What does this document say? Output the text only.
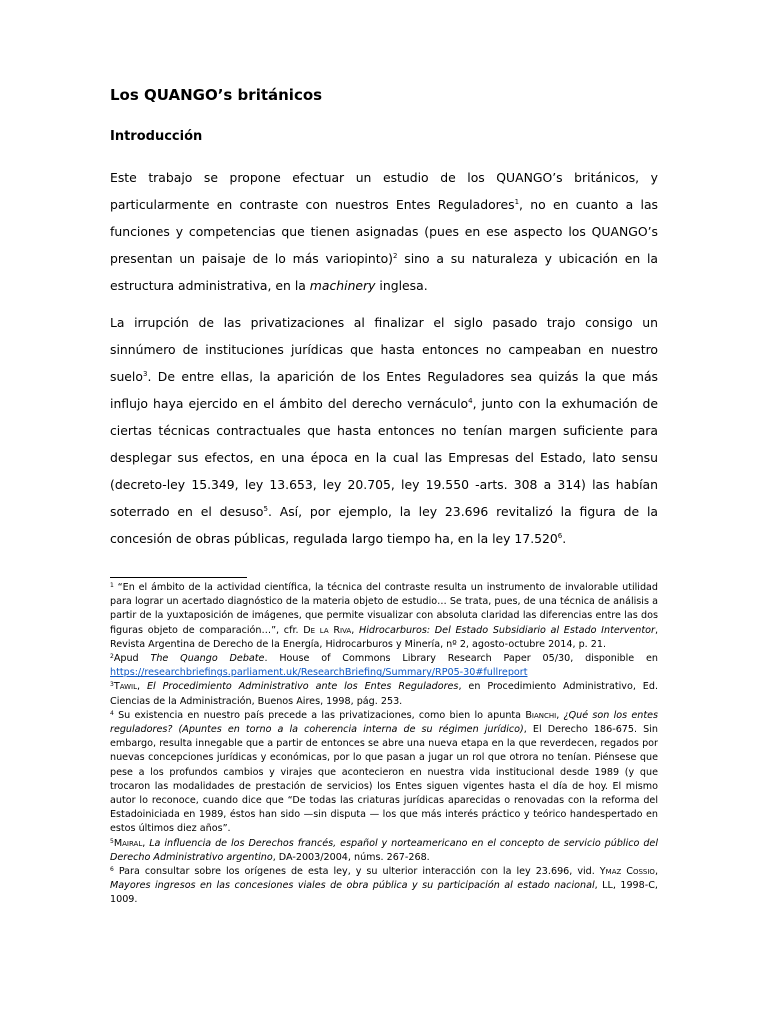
Los QUANGO’s británicos
Introducción
Este trabajo se propone efectuar un estudio de los QUANGO’s británicos, y particularmente en contraste con nuestros Entes Reguladores$^1$, no en cuanto a las funciones y competencias que tienen asignadas (pues en ese aspecto los QUANGO’s presentan un paisaje de lo más variopinto)$^2$ sino a su naturaleza y ubicación en la estructura administrativa, en la machinery inglesa.
La irrupción de las privatizaciones al finalizar el siglo pasado trajo consigo un sinnúmero de instituciones jurídicas que hasta entonces no campeaban en nuestro suelo$^3$. De entre ellas, la aparición de los Entes Reguladores sea quizás la que más influjo haya ejercido en el ámbito del derecho vernáculo$^4$, junto con la exhumación de ciertas técnicas contractuales que hasta entonces no tenían margen suficiente para desplegar sus efectos, en una época en la cual las Empresas del Estado, lato sensu (decreto-ley 15.349, ley 13.653, ley 20.705, ley 19.550 -arts. 308 a 314) las habían soterrado en el desuso$^5$. Así, por ejemplo, la ley 23.696 revitalizó la figura de la concesión de obras públicas, regulada largo tiempo ha, en la ley 17.520$^6$.

$^1$ “En el ámbito de la actividad científica, la técnica del contraste resulta un instrumento de invalorable utilidad para lograr un acertado diagnóstico de la materia objeto de estudio… Se trata, pues, de una técnica de análisis a partir de la yuxtaposición de imágenes, que permite visualizar con absoluta claridad las diferencias entre las dos figuras objeto de comparación…”, cfr. De la Riva, Hidrocarburos: Del Estado Subsidiario al Estado Interventor, Revista Argentina de Derecho de la Energía, Hidrocarburos y Minería, nº 2, agosto-octubre 2014, p. 21.

$^2$Apud The Quango Debate. House of Commons Library Research Paper 05/30, disponible en https://researchbriefings.parliament.uk/ResearchBriefing/Summary/RP05-30#fullreport

$^3$Tawil, El Procedimiento Administrativo ante los Entes Reguladores, en Procedimiento Administrativo, Ed. Ciencias de la Administración, Buenos Aires, 1998, pág. 253.

$^4$ Su existencia en nuestro país precede a las privatizaciones, como bien lo apunta Bianchi, ¿Qué son los entes reguladores? (Apuntes en torno a la coherencia interna de su régimen jurídico), El Derecho 186-675. Sin embargo, resulta innegable que a partir de entonces se abre una nueva etapa en la que reverdecen, regados por nuevas concepciones jurídicas y económicas, por lo que pasan a jugar un rol que otrora no tenían. Piénsese que pese a los profundos cambios y virajes que acontecieron en nuestra vida institucional desde 1989 (y que trocaron las modalidades de prestación de servicios) los Entes siguen vigentes hasta el día de hoy. El mismo autor lo reconoce, cuando dice que “De todas las criaturas jurídicas aparecidas o renovadas con la reforma del Estadoiniciada en 1989, éstos han sido —sin disputa — los que más interés práctico y teórico handespertado en estos últimos diez años”.

$^5$Mairal, La influencia de los Derechos francés, español y norteamericano en el concepto de servicio público del Derecho Administrativo argentino, DA-2003/2004, núms. 267-268.

$^6$ Para consultar sobre los orígenes de esta ley, y su ulterior interacción con la ley 23.696, vid. Ymaz Cossio, Mayores ingresos en las concesiones viales de obra pública y su participación al estado nacional, LL, 1998-C, 1009.
